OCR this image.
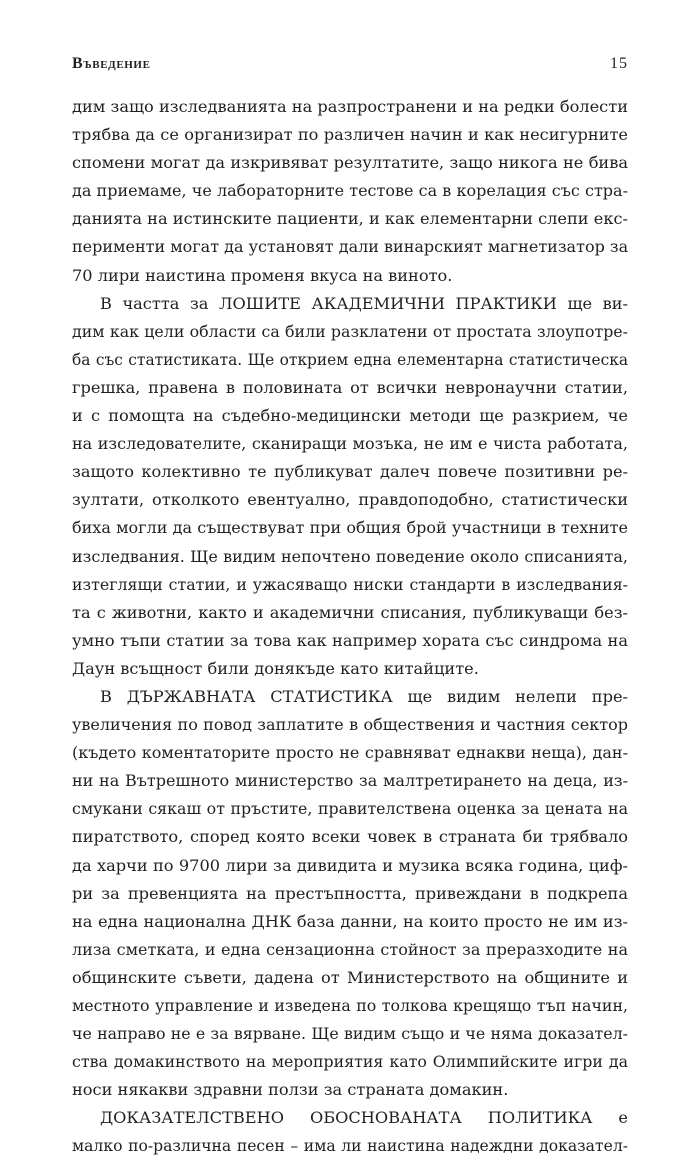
Въведение	15
дим защо изследванията на разпространени и на редки болести
трябва да се организират по различен начин и как несигурните
спомени могат да изкривяват резултатите, защо никога не бива
да приемаме, че лабораторните тестове са в корелация със стра-
данията на истинските пациенти, и как елементарни слепи екс-
перименти могат да установят дали винарският магнетизатор за
70 лири наистина променя вкуса на виното.
В частта за ЛОШИТЕ АКАДЕМИЧНИ ПРАКТИКИ ще ви-
дим как цели области са били разклатени от простата злоупотре-
ба със статистиката. Ще открием една елементарна статистическа
грешка, правена в половината от всички невронаучни статии,
и с помощта на съдебно-медицински методи ще разкрием, че
на изследователите, сканиращи мозъка, не им е чиста работата,
защото колективно те публикуват далеч повече позитивни ре-
зултати, отколкото евентуално, правдоподобно, статистически
биха могли да съществуват при общия брой участници в техните
изследвания. Ще видим непочтено поведение около списанията,
изтеглящи статии, и ужасяващо ниски стандарти в изследвания-
та с животни, както и академични списания, публикуващи без-
умно тъпи статии за това как например хората със синдрома на
Даун всъщност били донякъде като китайците.
В ДЪРЖАВНАТА СТАТИСТИКА ще видим нелепи пре-
увеличения по повод заплатите в обществения и частния сектор
(където коментаторите просто не сравняват еднакви неща), дан-
ни на Вътрешното министерство за малтретирането на деца, из-
смукани сякаш от пръстите, правителствена оценка за цената на
пиратството, според която всеки човек в страната би трябвало
да харчи по 9700 лири за дивидита и музика всяка година, циф-
ри за превенцията на престъпността, привеждани в подкрепа
на една национална ДНК база данни, на които просто не им из-
лиза сметката, и една сензационна стойност за преразходите на
общинските съвети, дадена от Министерството на общините и
местното управление и изведена по толкова крещящо тъп начин,
че направо не е за вярване. Ще видим също и че няма доказател-
ства домакинството на мероприятия като Олимпийските игри да
носи някакви здравни ползи за страната домакин.
ДОКАЗАТЕЛСТВЕНО ОБОСНОВАНАТА ПОЛИТИКА е
малко по-различна песен – има ли наистина надеждни доказател-
